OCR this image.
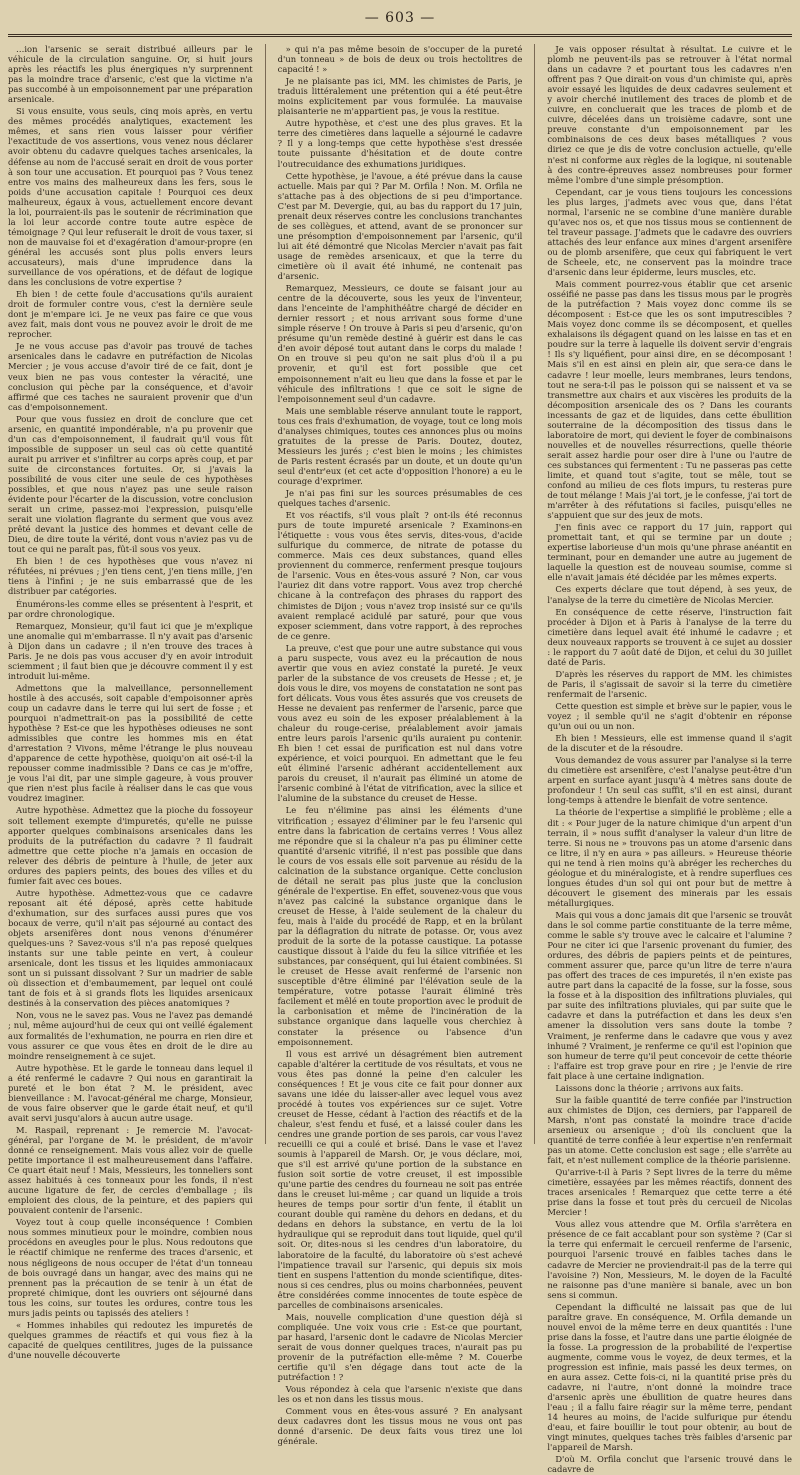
— 603 —

…ion l'arsenic se serait distribué ailleurs par le véhicule de la circulation sanguine. Or, si huit jours après les réactifs les plus énergiques n'y surprennent pas la moindre trace d'arsenic, c'est que la victime n'a pas succombé à un empoisonnement par une préparation arsenicale.

Si vous ensuite, vous seuls, cinq mois après, en vertu des mêmes procédés analytiques, exactement les mêmes, et sans rien vous laisser pour vérifier l'exactitude de vos assertions, vous venez nous déclarer avoir obtenu du cadavre quelques taches arsenicales, la défense au nom de l'accusé serait en droit de vous porter à son tour une accusation. Et pourquoi pas ? Vous tenez entre vos mains des malheureux dans les fers, sous le poids d'une accusation capitale ! Pourquoi ces deux malheureux, égaux à vous, actuellement encore devant la loi, pourraient-ils pas le soutenir de récrimination que la loi leur accorde contre toute autre espèce de témoignage ? Qui leur refuserait le droit de vous taxer, si non de mauvaise foi et d'exagération d'amour-propre (en général les accusés sont plus polis envers leurs accusateurs), mais d'une imprudence dans la surveillance de vos opérations, et de défaut de logique dans les conclusions de votre expertise ?

Eh bien ! de cette foule d'accusations qu'ils auraient droit de formuler contre vous, c'est la dernière seule dont je m'empare ici. Je ne veux pas faire ce que vous avez fait, mais dont vous ne pouvez avoir le droit de me reprocher.

Je ne vous accuse pas d'avoir pas trouvé de taches arsenicales dans le cadavre en putréfaction de Nicolas Mercier ; je vous accuse d'avoir tiré de ce fait, dont je veux bien ne pas vous contester la véracité, une conclusion qui pèche par la conséquence, et d'avoir affirmé que ces taches ne sauraient provenir que d'un cas d'empoisonnement.

Pour que vous fussiez en droit de conclure que cet arsenic, en quantité impondérable, n'a pu provenir que d'un cas d'empoisonnement, il faudrait qu'il vous fût impossible de supposer un seul cas où cette quantité aurait pu arriver et s'infiltrer au corps après coup, et par suite de circonstances fortuites. Or, si j'avais la possibilité de vous citer une seule de ces hypothèses possibles, et que nous n'ayez pas une seule raison évidente pour l'écarter de la discussion, votre conclusion serait un crime, passez-moi l'expression, puisqu'elle serait une violation flagrante du serment que vous avez prêté devant la justice des hommes et devant celle de Dieu, de dire toute la vérité, dont vous n'aviez pas vu de tout ce qui ne paraît pas, fût-il sous vos yeux.

Eh bien ! de ces hypothèses que vous n'avez ni réfutées, ni prévues ; j'en tiens cent, j'en tiens mille, j'en tiens à l'infini ; je ne suis embarrassé que de les distribuer par catégories.

Énumérons-les comme elles se présentent à l'esprit, et par ordre chronologique.

Remarquez, Monsieur, qu'il faut ici que je m'explique une anomalie qui m'embarrasse. Il n'y avait pas d'arsenic à Dijon dans un cadavre ; il n'en trouve des traces à Paris. Je ne dois pas vous accuser d'y en avoir introduit sciemment ; il faut bien que je découvre comment il y est introduit lui-même.

Admettons que la malveillance, personnellement hostile à des accusés, soit capable d'empoisonner après coup un cadavre dans le terre qui lui sert de fosse ; et pourquoi n'admettrait-on pas la possibilité de cette hypothèse ? Est-ce que les hypothèses odieuses ne sont admissibles que contre les hommes mis en état d'arrestation ? Vivons, même l'étrange le plus nouveau d'apparence de cette hypothèse, quoiqu'on ait osé-t-il la repousser comme inadmissible ? Dans ce cas je m'offre, je vous l'ai dit, par une simple gageure, à vous prouver que rien n'est plus facile à réaliser dans le cas que vous voudrez imaginer.

Autre hypothèse. Admettez que la pioche du fossoyeur soit tellement exempte d'impuretés, qu'elle ne puisse apporter quelques combinaisons arsenicales dans les produits de la putréfaction du cadavre ? Il faudrait admettre que cette pioche n'a jamais en occasion de relever des débris de peinture à l'huile, de jeter aux ordures des papiers peints, des boues des villes et du fumier fait avec ces boues.

Autre hypothèse. Admettez-vous que ce cadavre reposant ait été déposé, après cette habitude d'exhumation, sur des surfaces aussi pures que vos bocaux de verre, qu'il n'ait pas séjourné au contact des objets arsenifères dont nous venons d'énumérer quelques-uns ? Savez-vous s'il n'a pas reposé quelques instants sur une table peinte en vert, à couleur arsenicale, dont les tissus et les liquides ammoniacaux sont un si puissant dissolvant ? Sur un madrier de sable où dissection et d'embaumement, par lequel ont coulé tant de fois et à si grands flots les liquides arsenicaux destinés à la conservation des pièces anatomiques ?

Non, vous ne le savez pas. Vous ne l'avez pas demandé ; nul, même aujourd'hui de ceux qui ont veillé également aux formalités de l'exhumation, ne pourra en rien dire et vous assurer ce que vous êtes en droit de le dire au moindre renseignement à ce sujet.

Autre hypothèse. Et le garde le tonneau dans lequel il a été renfermé le cadavre ? Qui nous en garantirait la pureté et le bon état ? M. le président, avec bienveillance : M. l'avocat-général me charge, Monsieur, de vous faire observer que le garde était neuf, et qu'il avait servi jusqu'alors à aucun autre usage.

M. Raspail, reprenant : Je remercie M. l'avocat-général, par l'organe de M. le président, de m'avoir donné ce renseignement. Mais vous allez voir de quelle petite importance il est malheureusement dans l'affaire. Ce quart était neuf ! Mais, Messieurs, les tonneliers sont assez habitués à ces tonneaux pour les fonds, il n'est aucune ligature de fer, de cercles d'emballage ; ils emploient des clous, de la peinture, et des papiers qui pouvaient contenir de l'arsenic.

Voyez tout à coup quelle inconséquence ! Combien nous sommes minutieux pour le moindre, combien nous procédons en aveugles pour le plus. Nous redoutons que le réactif chimique ne renferme des traces d'arsenic, et nous négligeons de nous occuper de l'état d'un tonneau de bois ouvragé dans un hangar, avec des mains qui ne prennent pas la précaution de se tenir à un état de propreté chimique, dont les ouvriers ont séjourné dans tous les coins, sur toutes les ordures, contre tous les murs jadis peints ou tapissés des ateliers !

« Hommes inhabiles qui redoutez les impuretés de quelques grammes de réactifs et qui vous fiez à la capacité de quelques centilitres, juges de la puissance d'une nouvelle découverte

» qui n'a pas même besoin de s'occuper de la pureté d'un tonneau » de bois de deux ou trois hectolitres de capacité ! »

Je ne plaisante pas ici, MM. les chimistes de Paris, je traduis littéralement une prétention qui a été peut-être moins explicitement par vous formulée. La mauvaise plaisanterie ne m'appartient pas, je vous la restitue.

Autre hypothèse, et c'est une des plus graves. Et la terre des cimetières dans laquelle a séjourné le cadavre ? Il y a long-temps que cette hypothèse s'est dressée toute puissante d'hésitation et de doute contre l'outrecuidance des exhumations juridiques.

Cette hypothèse, je l'avoue, a été prévue dans la cause actuelle. Mais par qui ? Par M. Orfila ! Non. M. Orfila ne s'attache pas à des objections de si peu d'importance. C'est par M. Devergie, qui, au bas du rapport du 17 juin, prenait deux réserves contre les conclusions tranchantes de ses collègues, et attend, avant de se prononcer sur une présomption d'empoisonnement par l'arsenic, qu'il lui ait été démontré que Nicolas Mercier n'avait pas fait usage de remèdes arsenicaux, et que la terre du cimetière où il avait été inhumé, ne contenait pas d'arsenic.

Remarquez, Messieurs, ce doute se faisant jour au centre de la découverte, sous les yeux de l'inventeur, dans l'enceinte de l'amphithéâtre chargé de décider en dernier ressort ; et nous arrivant sous forme d'une simple réserve ! On trouve à Paris si peu d'arsenic, qu'on présume qu'un remède destiné à guérir est dans le cas d'en avoir déposé tout autant dans le corps du malade ! On en trouve si peu qu'on ne sait plus d'où il a pu provenir, et qu'il est fort possible que cet empoisonnement n'ait eu lieu que dans la fosse et par le véhicule des infiltrations ! que ce soit le signe de l'empoisonnement seul d'un cadavre.

Mais une semblable réserve annulant toute le rapport, tous ces frais d'exhumation, de voyage, tout ce long mois d'analyses chimiques, toutes ces annonces plus ou moins gratuites de la presse de Paris. Doutez, doutez, Messieurs les jurés ; c'est bien le moins ; les chimistes de Paris restent écrasés par un doute, et un doute qu'un seul d'entr'eux (et cet acte d'opposition l'honore) a eu le courage d'exprimer.

Je n'ai pas fini sur les sources présumables de ces quelques taches d'arsenic.

Et vos réactifs, s'il vous plaît ? ont-ils été reconnus purs de toute impureté arsenicale ? Examinons-en l'étiquette : vous vous êtes servis, dites-vous, d'acide sulfurique du commerce, de nitrate de potasse du commerce. Mais ces deux substances, quand elles proviennent du commerce, renferment presque toujours de l'arsenic. Vous en êtes-vous assuré ? Non, car vous l'auriez dit dans votre rapport. Vous avez trop cherché chicane à la contrefaçon des phrases du rapport des chimistes de Dijon ; vous n'avez trop insisté sur ce qu'ils avaient remplacé acidulé par saturé, pour que vous exposer sciemment, dans votre rapport, à des reproches de ce genre.

La preuve, c'est que pour une autre substance qui vous a paru suspecte, vous avez eu la précaution de nous avertir que vous en aviez constaté la pureté. Je veux parler de la substance de vos creusets de Hesse ; et, je dois vous le dire, vos moyens de constatation ne sont pas fort délicats. Vous vous êtes assurés que vos creusets de Hesse ne devaient pas renfermer de l'arsenic, parce que vous avez eu soin de les exposer préalablement à la chaleur du rouge-cerise, préalablement avoir jamais entre leurs parois l'arsenic qu'ils auraient pu contenir. Eh bien ! cet essai de purification est nul dans votre expérience, et voici pourquoi. En admettant que le feu eût éliminé l'arsenic adhérant accidentellement aux parois du creuset, il n'aurait pas éliminé un atome de l'arsenic combiné à l'état de vitrification, avec la silice et l'alumine de la substance du creuset de Hesse.

Le feu n'élimine pas ainsi les éléments d'une vitrification ; essayez d'éliminer par le feu l'arsenic qui entre dans la fabrication de certains verres ! Vous allez me répondre que si la chaleur n'a pas pu éliminer cette quantité d'arsenic vitrifié, il n'est pas possible que dans le cours de vos essais elle soit parvenue au résidu de la calcination de la substance organique. Cette conclusion de détail ne serait pas plus juste que la conclusion générale de l'expertise. En effet, souvenez-vous que vous n'avez pas calciné la substance organique dans le creuset de Hesse, à l'aide seulement de la chaleur du feu, mais à l'aide du procédé de Rapp, et en la brûlant par la déflagration du nitrate de potasse. Or, vous avez produit de la sorte de la potasse caustique. La potasse caustique dissout à l'aide du feu la silice vitrifiée et les substances, par conséquent, qui lui étaient combinées. Si le creuset de Hesse avait renfermé de l'arsenic non susceptible d'être éliminé par l'élévation seule de la température, votre potasse l'aurait éliminé très facilement et mêlé en toute proportion avec le produit de la carbonisation et même de l'incinération de la substance organique dans laquelle vous cherchiez à constater la présence ou l'absence d'un empoisonnement.

Il vous est arrivé un désagrément bien autrement capable d'altérer la certitude de vos résultats, et vous ne vous êtes pas donné la peine d'en calculer les conséquences ! Et je vous cite ce fait pour donner aux savans une idée du laisser-aller avec lequel vous avez procédé à toutes vos expériences sur ce sujet. Votre creuset de Hesse, cédant à l'action des réactifs et de la chaleur, s'est fendu et fusé, et a laissé couler dans les cendres une grande portion de ses parois, car vous l'avez recueilli ce qui a coulé et brisé. Dans le vase et l'avez soumis à l'appareil de Marsh. Or, je vous déclare, moi, que s'il est arrivé qu'une portion de la substance en fusion soit sortie de votre creuset, il est impossible qu'une partie des cendres du fourneau ne soit pas entrée dans le creuset lui-même ; car quand un liquide a trois heures de temps pour sortir d'un fente, il établit un courant double qui ramène du dehors en dedans, et du dedans en dehors la substance, en vertu de la loi hydraulique qui se reproduit dans tout liquide, quel qu'il soit. Or, dites-nous si les cendres d'un laboratoire, du laboratoire de la faculté, du laboratoire où s'est achevé l'impatience travail sur l'arsenic, qui depuis six mois tient en suspens l'attention du monde scientifique, dites-nous si ces cendres, plus ou moins charbonnées, peuvent être considérées comme innocentes de toute espèce de parcelles de combinaisons arsenicales.

Mais, nouvelle complication d'une question déjà si compliquée. Une voix vous crie : Est-ce que pourtant, par hasard, l'arsenic dont le cadavre de Nicolas Mercier serait de vous donner quelques traces, n'aurait pas pu provenir de la putréfaction elle-même ? M. Couerbe certifie qu'il s'en dégage dans tout acte de la putréfaction ! ?

Vous répondez à cela que l'arsenic n'existe que dans les os et non dans les tissus mous.

Comment vous en êtes-vous assuré ? En analysant deux cadavres dont les tissus mous ne vous ont pas donné d'arsenic. De deux faits vous tirez une loi générale.

Je vais opposer résultat à résultat. Le cuivre et le plomb ne peuvent-ils pas se retrouver à l'état normal dans un cadavre ? et pourtant tous les cadavres n'en offrent pas ? Que dirait-on vous d'un chimiste qui, après avoir essayé les liquides de deux cadavres seulement et y avoir cherché inutilement des traces de plomb et de cuivre, en concluerait que les traces de plomb et de cuivre, décelées dans un troisième cadavre, sont une preuve constante d'un empoisonnement par les combinaisons de ces deux bases métalliques ? vous diriez ce que je dis de votre conclusion actuelle, qu'elle n'est ni conforme aux règles de la logique, ni soutenable à des contre-épreuves assez nombreuses pour former même l'ombre d'une simple présomption.

Cependant, car je vous tiens toujours les concessions les plus larges, j'admets avec vous que, dans l'état normal, l'arsenic ne se combine d'une manière durable qu'avec nos os, et que nos tissus mous se contiennent de tel traveur passage. J'admets que le cadavre des ouvriers attachés des leur enfance aux mines d'argent arsenifère ou de plomb arsenifère, que ceux qui fabriquent le vert de Scheele, etc, ne conservent pas la moindre trace d'arsenic dans leur épiderme, leurs muscles, etc.

Mais comment pourrez-vous établir que cet arsenic osséifié ne passe pas dans les tissus mous par le progrès de la putréfaction ? Mais voyez donc comme ils se décomposent : Est-ce que les os sont imputrescibles ? Mais voyez donc comme ils se décomposent, et quelles exhalaisons ils dégagent quand on les laisse en tas et en poudre sur la terre à laquelle ils doivent servir d'engrais ! Ils s'y liquéfient, pour ainsi dire, en se décomposant ! Mais s'il en est ainsi en plein air, que sera-ce dans le cadavre ! leur moelle, leurs membranes, leurs tendons, tout ne sera-t-il pas le poisson qui se naissent et va se transmettre aux chairs et aux viscères les produits de la décomposition arsenicale des os ? Dans les courants incessants de gaz et de liquides, dans cette ébullition souterraine de la décomposition des tissus dans le laboratoire de mort, qui devient le foyer de combinaisons nouvelles et de nouvelles résurrections, quelle théorie serait assez hardie pour oser dire à l'une ou l'autre de ces substances qui fermentent : Tu ne passeras pas cette limite, et quand tout s'agite, tout se mêle, tout se confond au milieu de ces flots impurs, tu resteras pure de tout mélange ! Mais j'ai tort, je le confesse, j'ai tort de m'arrêter à des réfutations si faciles, puisqu'elles ne s'appuient que sur des jeux de mots.

J'en finis avec ce rapport du 17 juin, rapport qui promettait tant, et qui se termine par un doute ; expertise laborieuse d'un mois qu'une phrase anéantit en terminant, pour en demander une autre au jugement de laquelle la question est de nouveau soumise, comme si elle n'avait jamais été décidée par les mêmes experts.

Ces experts déclare que tout dépend, à ses yeux, de l'analyse de la terre du cimetière de Nicolas Mercier.

En conséquence de cette réserve, l'instruction fait procéder à Dijon et à Paris à l'analyse de la terre du cimetière dans lequel avait été inhumé le cadavre ; et deux nouveaux rapports se trouvent à ce sujet au dossier : le rapport du 7 août daté de Dijon, et celui du 30 juillet daté de Paris.

D'après les réserves du rapport de MM. les chimistes de Paris, il s'agissait de savoir si la terre du cimetière renfermait de l'arsenic.

Cette question est simple et brève sur le papier, vous le voyez ; il semble qu'il ne s'agit d'obtenir en réponse qu'un oui ou un non.

Eh bien ! Messieurs, elle est immense quand il s'agit de la discuter et de la résoudre.

Vous demandez de vous assurer par l'analyse si la terre du cimetière est arsenifère, c'est l'analyse peut-être d'un arpent en surface ayant jusqu'à 4 mètres sans doute de profondeur ! Un seul cas suffit, s'il en est ainsi, durant long-temps à attendre le bienfait de votre sentence.

La théorie de l'expertise a simplifié le problème ; elle a dit : « Pour juger de la nature chimique d'un arpent d'un terrain, il » nous suffit d'analyser la valeur d'un litre de terre. Si nous ne » trouvons pas un atome d'arsenic dans ce litre, il n'y en aura » pas ailleurs. » Heureuse théorie qui ne tend à rien moins qu'à abréger les recherches du géologue et du minéralogiste, et à rendre superflues ces longues études d'un sol qui ont pour but de mettre à découvert le gisement des minerais par les essais métallurgiques.

Mais qui vous a donc jamais dit que l'arsenic se trouvât dans le sol comme partie constituante de la terre même, comme le sable s'y trouve avec le calcaire et l'alumine ? Pour ne citer ici que l'arsenic provenant du fumier, des ordures, des débris de papiers peints et de peintures, comment assurer que, parce qu'un litre de terre n'aura pas offert des traces de ces impuretés, il n'en existe pas autre part dans la capacité de la fosse, sur la fosse, sous la fosse et à la disposition des infiltrations pluviales, qui par suite des infiltrations pluviales, qui par suite que le cadavre et dans la putréfaction et dans les deux s'en amener la dissolution vers sans doute la tombe ? Vraiment, je renferme dans le cadavre que vous y avez inhumé ? Vraiment, je renferme ce qu'il est l'opinion que son humeur de terre qu'il peut concevoir de cette théorie : l'affaire est trop grave pour en rire ; je l'envie de rire fait place à une certaine indignation.

Laissons donc la théorie ; arrivons aux faits.

Sur la faible quantité de terre confiée par l'instruction aux chimistes de Dijon, ces derniers, par l'appareil de Marsh, n'ont pas constaté la moindre trace d'acide arsenieux ou arsenique ; d'où ils concluent que la quantité de terre confiée à leur expertise n'en renfermait pas un atome. Cette conclusion est sage ; elle s'arrête au fait, et n'est nullement complice de la théorie parisienne.

Qu'arrive-t-il à Paris ? Sept livres de la terre du même cimetière, essayées par les mêmes réactifs, donnent des traces arsenicales ! Remarquez que cette terre a été prise dans la fosse et tout près du cercueil de Nicolas Mercier !

Vous allez vous attendre que M. Orfila s'arrêtera en présence de ce fait accablant pour son système ? (Car si la terre qui enfermait le cercueil renferme de l'arsenic, pourquoi l'arsenic trouvé en faibles taches dans le cadavre de Mercier ne proviendrait-il pas de la terre qui l'avoisine ?) Non, Messieurs, M. le doyen de la Faculté ne raisonne pas d'une manière si banale, avec un bon sens si commun.

Cependant la difficulté ne laissait pas que de lui paraître grave. En conséquence, M. Orfila demande un nouvel envoi de la même terre en deux quantités : l'une prise dans la fosse, et l'autre dans une partie éloignée de la fosse. La progression de la probabilité de l'expertise augmente, comme vous le voyez, de deux termes, et la progression est infinie, mais passé les deux termes, on en aura assez. Cette fois-ci, ni la quantité prise près du cadavre, ni l'autre, n'ont donné la moindre trace d'arsenic après une ébullition de quatre heures dans l'eau ; il a fallu faire réagir sur la même terre, pendant 14 heures au moins, de l'acide sulfurique pur étendu d'eau, et faire bouillir le tout pour obtenir, au bout de vingt minutes, quelques taches très faibles d'arsenic par l'appareil de Marsh.

D'où M. Orfila conclut que l'arsenic trouvé dans le cadavre de
